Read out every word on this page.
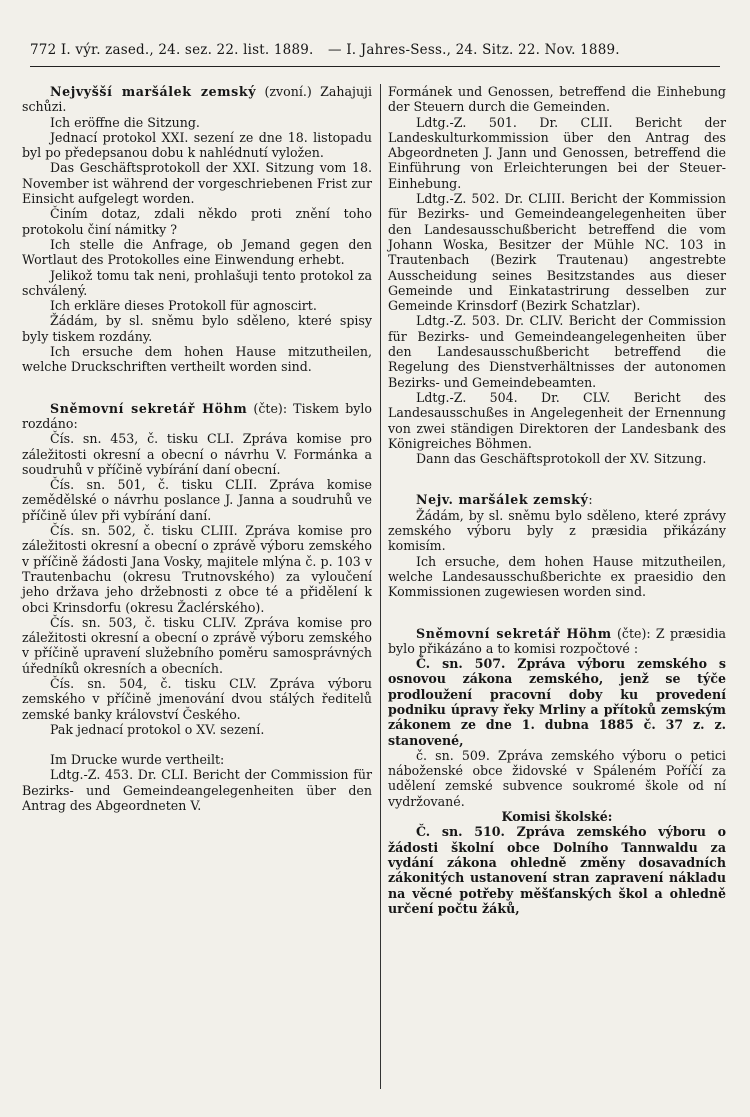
772 I. výr. zased., 24. sez. 22. list. 1889. — I. Jahres-Sess., 24. Sitz. 22. Nov. 1889.

Nejvyšší maršálek zemský (zvoní.) Zahajuji schůzi.

Ich eröffne die Sitzung.

Jednací protokol XXI. sezení ze dne 18. listopadu byl po předepsanou dobu k nahlédnutí vyložen.

Das Geschäftsprotokoll der XXI. Sitzung vom 18. November ist während der vorgeschriebenen Frist zur Einsicht aufgelegt worden.

Činím dotaz, zdali někdo proti znění toho protokolu činí námitky ?

Ich stelle die Anfrage, ob Jemand gegen den Wortlaut des Protokolles eine Einwendung erhebt.

Jelikož tomu tak neni, prohlašuji tento protokol za schválený.

Ich erkläre dieses Protokoll für agnoscirt.

Žádám, by sl. sněmu bylo sděleno, které spisy byly tiskem rozdány.

Ich ersuche dem hohen Hause mitzutheilen, welche Druckschriften vertheilt worden sind.

Sněmovní sekretář Höhm (čte): Tiskem bylo rozdáno:

Čís. sn. 453, č. tisku CLI. Zpráva komise pro záležitosti okresní a obecní o návrhu V. Formánka a soudruhů v příčině vybírání daní obecní.

Čís. sn. 501, č. tisku CLII. Zpráva komise zemědělské o návrhu poslance J. Janna a soudruhů ve příčině úlev při vybírání daní.

Čís. sn. 502, č. tisku CLIII. Zpráva komise pro záležitosti okresní a obecní o zprávě výboru zemského v příčině žádosti Jana Vosky, majitele mlýna č. p. 103 v Trautenbachu (okresu Trutnovského) za vyloučení jeho država jeho držebnosti z obce té a přidělení k obci Krinsdorfu (okresu Žaclérského).

Čís. sn. 503, č. tisku CLIV. Zpráva komise pro záležitosti okresní a obecní o zprávě výboru zemského v příčině upravení služebního poměru samosprávných úředníků okresních a obecních.

Čís. sn. 504, č. tisku CLV. Zpráva výboru zemského v příčině jmenování dvou stálých ředitelů zemské banky království Českého.

Pak jednací protokol o XV. sezení.

Im Drucke wurde vertheilt:

Ldtg.-Z. 453. Dr. CLI. Bericht der Commission für Bezirks- und Gemeindeangelegenheiten über den Antrag des Abgeordneten V.

Formánek und Genossen, betreffend die Einhebung der Steuern durch die Gemeinden.

Ldtg.-Z. 501. Dr. CLII. Bericht der Landeskulturkommission über den Antrag des Abgeordneten J. Jann und Genossen, betreffend die Einführung von Erleichterungen bei der Steuer-Einhebung.

Ldtg.-Z. 502. Dr. CLIII. Bericht der Kommission für Bezirks- und Gemeindeangelegenheiten über den Landesausschußbericht betreffend die vom Johann Woska, Besitzer der Mühle NC. 103 in Trautenbach (Bezirk Trautenau) angestrebte Ausscheidung seines Besitzstandes aus dieser Gemeinde und Einkatastrirung desselben zur Gemeinde Krinsdorf (Bezirk Schatzlar).

Ldtg.-Z. 503. Dr. CLIV. Bericht der Commission für Bezirks- und Gemeindeangelegenheiten über den Landesausschußbericht betreffend die Regelung des Dienstverhältnisses der autonomen Bezirks- und Gemeindebeamten.

Ldtg.-Z. 504. Dr. CLV. Bericht des Landesausschußes in Angelegenheit der Ernennung von zwei ständigen Direktoren der Landesbank des Königreiches Böhmen.

Dann das Geschäftsprotokoll der XV. Sitzung.

Nejv. maršálek zemský:

Žádám, by sl. sněmu bylo sděleno, které zprávy zemského výboru byly z præsidia přikázány komisím.

Ich ersuche, dem hohen Hause mitzutheilen, welche Landesausschußberichte ex praesidio den Kommissionen zugewiesen worden sind.

Sněmovní sekretář Höhm (čte): Z præsidia bylo přikázáno a to komisi rozpočtové :

Č. sn. 507. Zpráva výboru zemského s osnovou zákona zemského, jenž se týče prodloužení pracovní doby ku provedení podniku úpravy řeky Mrliny a přítoků zemským zákonem ze dne 1. dubna 1885 č. 37 z. z. stanovené,

č. sn. 509. Zpráva zemského výboru o petici náboženské obce židovské v Spáleném Poříčí za udělení zemské subvence soukromé škole od ní vydržované.

Komisi školské:

Č. sn. 510. Zpráva zemského výboru o žádosti školní obce Dolního Tannwaldu za vydání zákona ohledně změny dosavadních zákonitých ustanovení stran zapravení nákladu na věcné potřeby měšťanských škol a ohledně určení počtu žáků,
